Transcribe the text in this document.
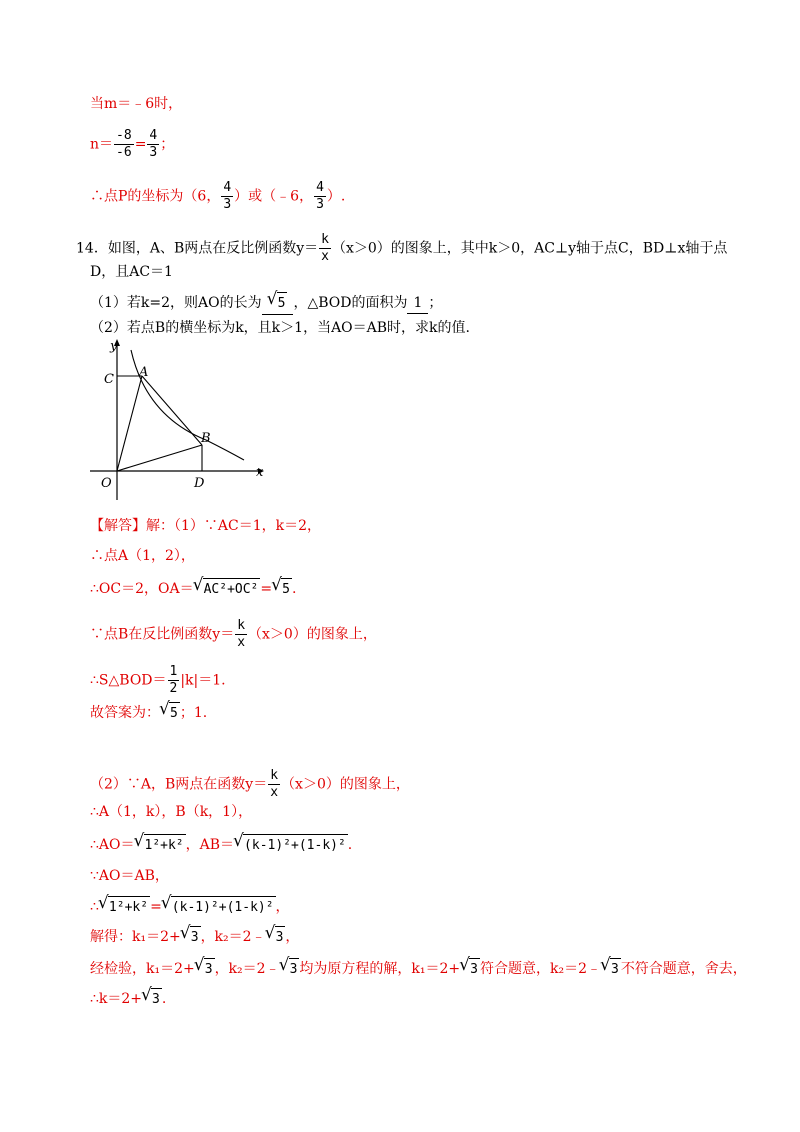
当m＝﹣6时，
$n= \frac{-8}{-6} = \frac{4}{3}$ ；
∴点P的坐标为（6， $\frac{4}{3}$ ）或（﹣6， $\frac{4}{3}$ ）.
14．如图，A、B两点在反比例函数$y= \frac{k}{x} (x>0)$的图象上，其中k＞0，AC⊥y轴于点C，BD⊥x轴于点
D，且AC＝1
（1）若k=2，则AO的长为 √ 5 ，△BOD的面积为 1 ；
（2）若点B的横坐标为k，且k＞1，当AO＝AB时，求k的值.
y
x
C A
B
O	D
【解答】解：（1）∵AC＝1，k＝2，
∴点A（1，2），
∴OC＝2，OA＝ √ AC²+OC² = √ 5 .
∵点B在反比例函数$y= \frac{k}{x} (x>0)$的图象上，
∴S△BOD＝ $\frac{1}{2} |k|=1$.
故答案为： √ 5 ；1.
（2）∵A，B两点在函数$y= \frac{k}{x} (x>0)$的图象上，
∴A（1，k），B（k，1），
∴AO＝ √ 1²+k² ，AB＝ √ (k-1)²+(1-k)² .
∵AO＝AB，
∴ √ 1²+k² = √ (k-1)²+(1-k)² ，
解得：k₁＝2+ √ 3 ，k₂＝2﹣ √ 3 ，
经检验，k₁＝2+ √ 3 ，k₂＝2﹣ √ 3 均为原方程的解，k₁＝2+ √ 3 符合题意，k₂＝2﹣ √ 3 不符合题意，舍去，
∴k＝2+ √ 3 .
